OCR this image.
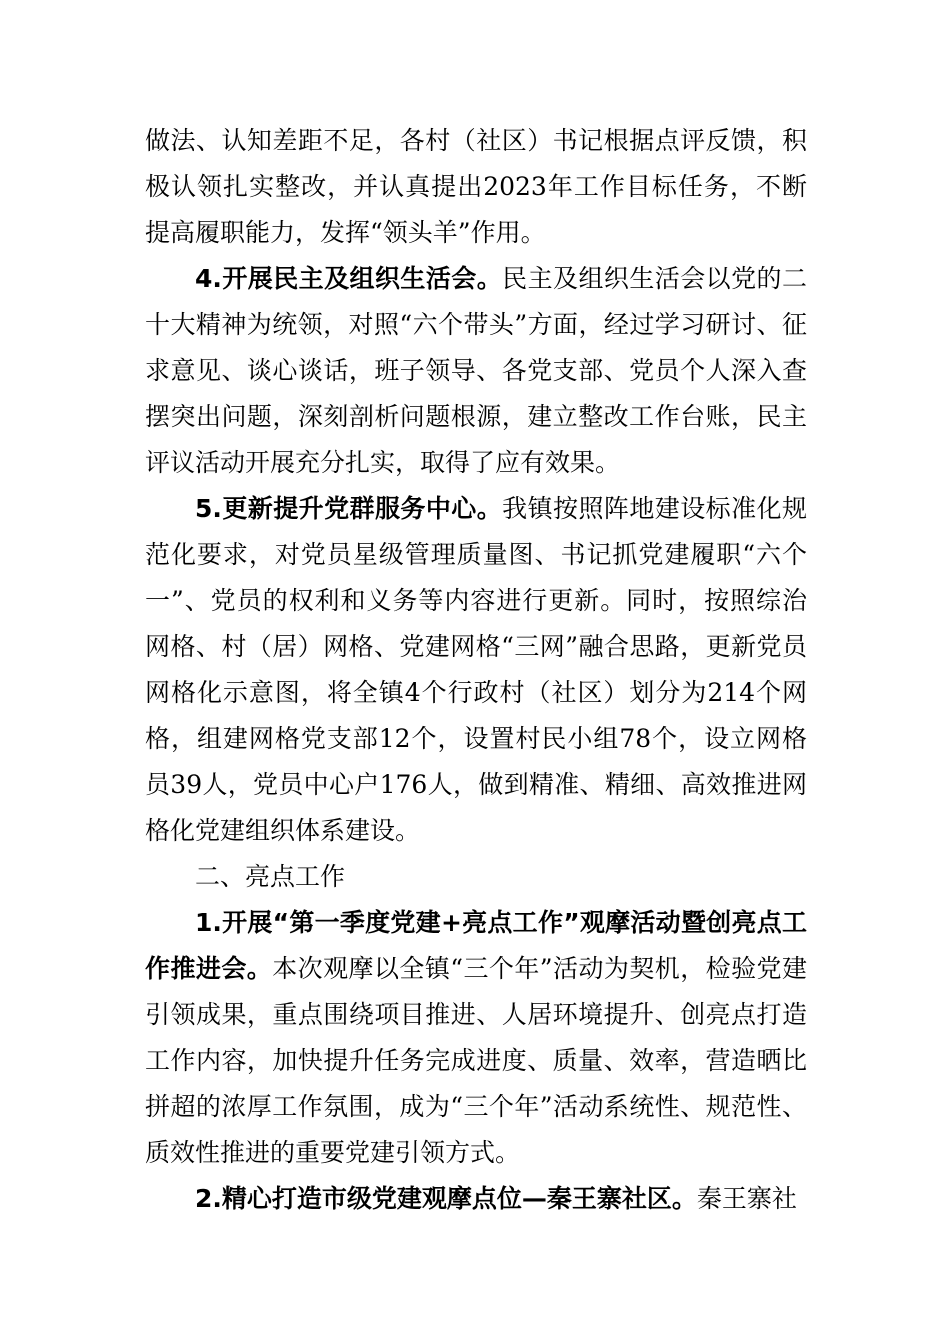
做法、认知差距不足，各村（社区）书记根据点评反馈，积极认领扎实整改，并认真提出2023年工作目标任务，不断提高履职能力，发挥“领头羊”作用。

4.开展民主及组织生活会。民主及组织生活会以党的二十大精神为统领，对照“六个带头”方面，经过学习研讨、征求意见、谈心谈话，班子领导、各党支部、党员个人深入查摆突出问题，深刻剖析问题根源，建立整改工作台账，民主评议活动开展充分扎实，取得了应有效果。

5.更新提升党群服务中心。我镇按照阵地建设标准化规范化要求，对党员星级管理质量图、书记抓党建履职“六个一”、党员的权利和义务等内容进行更新。同时，按照综治网格、村（居）网格、党建网格“三网”融合思路，更新党员网格化示意图，将全镇4个行政村（社区）划分为214个网格，组建网格党支部12个，设置村民小组78个，设立网格员39人，党员中心户176人，做到精准、精细、高效推进网格化党建组织体系建设。

二、亮点工作

1.开展“第一季度党建+亮点工作”观摩活动暨创亮点工作推进会。本次观摩以全镇“三个年”活动为契机，检验党建引领成果，重点围绕项目推进、人居环境提升、创亮点打造工作内容，加快提升任务完成进度、质量、效率，营造晒比拼超的浓厚工作氛围，成为“三个年”活动系统性、规范性、质效性推进的重要党建引领方式。

2.精心打造市级党建观摩点位—秦王寨社区。秦王寨社
